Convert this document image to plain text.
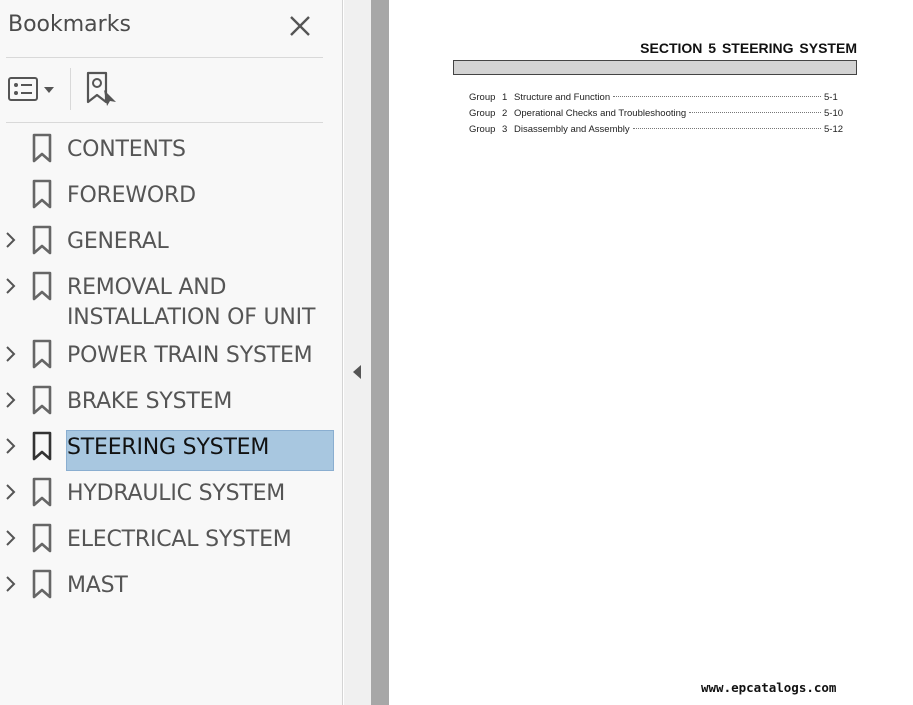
Bookmarks
CONTENTS
FOREWORD
GENERAL
REMOVAL AND INSTALLATION OF UNIT
POWER TRAIN SYSTEM
BRAKE SYSTEM
STEERING SYSTEM
HYDRAULIC SYSTEM
ELECTRICAL SYSTEM
MAST
SECTION 5 STEERING SYSTEM
Group 1 Structure and Function	5-1
Group 2 Operational Checks and Troubleshooting	5-10
Group 3 Disassembly and Assembly	5-12
www.epcatalogs.com
